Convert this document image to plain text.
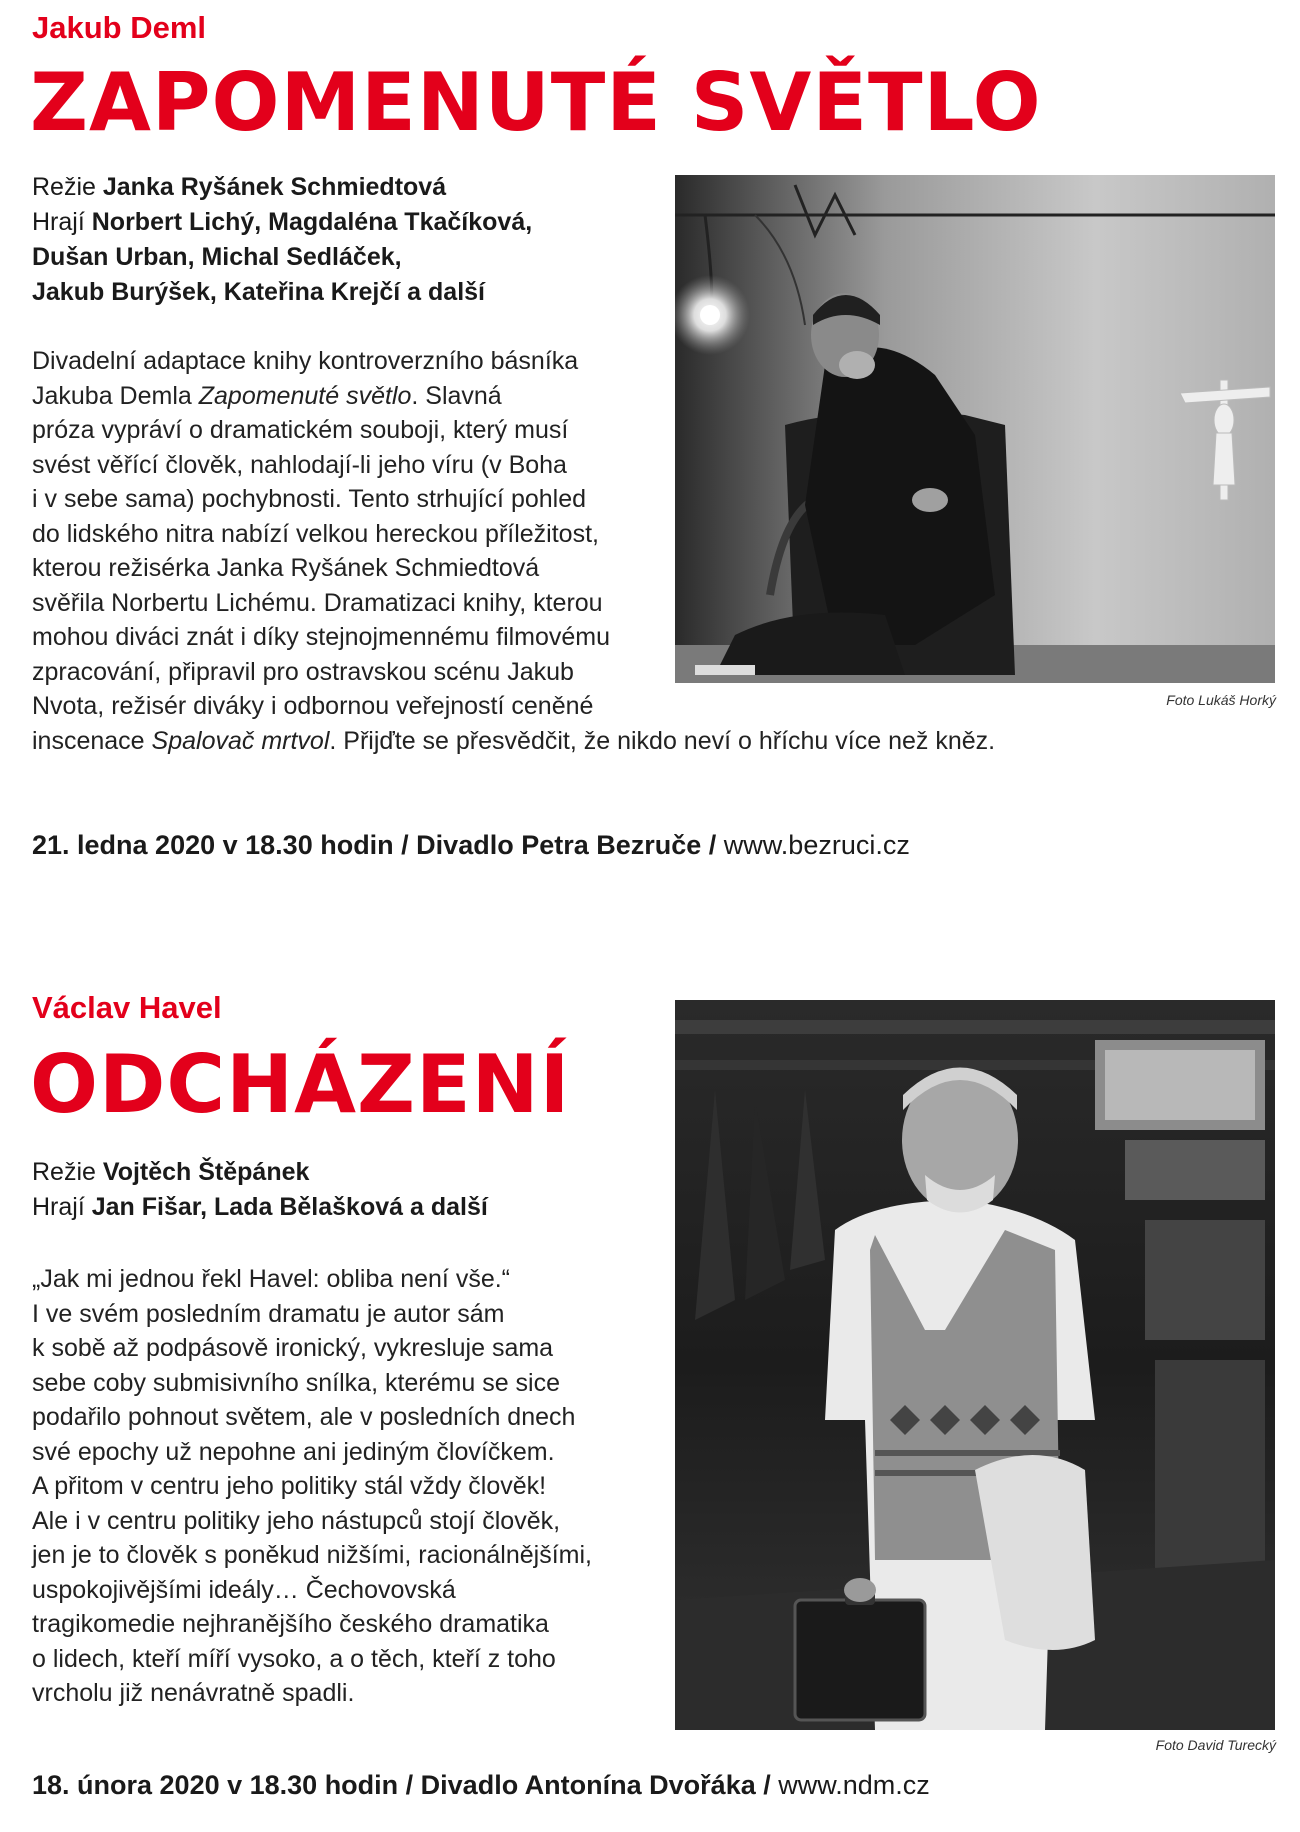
Jakub Deml
ZAPOMENUTÉ SVĚTLO
Režie Janka Ryšánek Schmiedtová
Hrají Norbert Lichý, Magdaléna Tkačíková,
Dušan Urban, Michal Sedláček,
Jakub Burýšek, Kateřina Krejčí a další
Divadelní adaptace knihy kontroverzního básníka
Jakuba Demla Zapomenuté světlo. Slavná
próza vypráví o dramatickém souboji, který musí
svést věřící člověk, nahlodají-li jeho víru (v Boha
i v sebe sama) pochybnosti. Tento strhující pohled
do lidského nitra nabízí velkou hereckou příležitost,
kterou režisérka Janka Ryšánek Schmiedtová
svěřila Norbertu Lichému. Dramatizaci knihy, kterou
mohou diváci znát i díky stejnojmennému filmovému
zpracování, připravil pro ostravskou scénu Jakub
Nvota, režisér diváky i odbornou veřejností ceněné
inscenace Spalovač mrtvol. Přijďte se přesvědčit, že nikdo neví o hříchu více než kněz.

Foto Lukáš Horký

21. ledna 2020 v 18.30 hodin / Divadlo Petra Bezruče / www.bezruci.cz

Václav Havel
ODCHÁZENÍ
Režie Vojtěch Štěpánek
Hrají Jan Fišar, Lada Bělašková a další
„Jak mi jednou řekl Havel: obliba není vše.“
I ve svém posledním dramatu je autor sám
k sobě až podpásově ironický, vykresluje sama
sebe coby submisivního snílka, kterému se sice
podařilo pohnout světem, ale v posledních dnech
své epochy už nepohne ani jediným človíčkem.
A přitom v centru jeho politiky stál vždy člověk!
Ale i v centru politiky jeho nástupců stojí člověk,
jen je to člověk s poněkud nižšími, racionálnějšími,
uspokojivějšími ideály… Čechovovská
tragikomedie nejhranějšího českého dramatika
o lidech, kteří míří vysoko, a o těch, kteří z toho
vrcholu již nenávratně spadli.

Foto David Turecký

18. února 2020 v 18.30 hodin / Divadlo Antonína Dvořáka / www.ndm.cz
